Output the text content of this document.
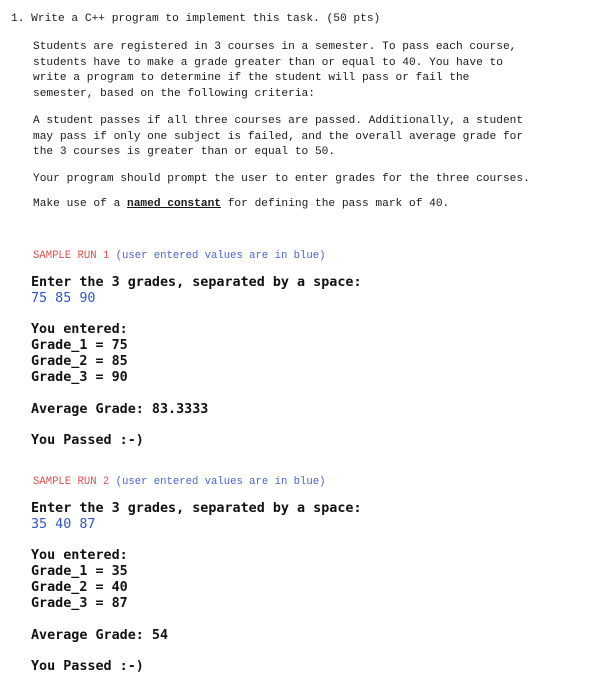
1. Write a C++ program to implement this task. (50 pts)
Students are registered in 3 courses in a semester. To pass each course,
students have to make a grade greater than or equal to 40. You have to
write a program to determine if the student will pass or fail the
semester, based on the following criteria:
A student passes if all three courses are passed. Additionally, a student
may pass if only one subject is failed, and the overall average grade for
the 3 courses is greater than or equal to 50.
Your program should prompt the user to enter grades for the three courses.
Make use of a named constant for defining the pass mark of 40.
SAMPLE RUN 1 (user entered values are in blue)
Enter the 3 grades, separated by a space:
75 85 90
You entered:
Grade_1 = 75
Grade_2 = 85
Grade_3 = 90
Average Grade: 83.3333
You Passed :-)
SAMPLE RUN 2 (user entered values are in blue)
Enter the 3 grades, separated by a space:
35 40 87
You entered:
Grade_1 = 35
Grade_2 = 40
Grade_3 = 87
Average Grade: 54
You Passed :-)
